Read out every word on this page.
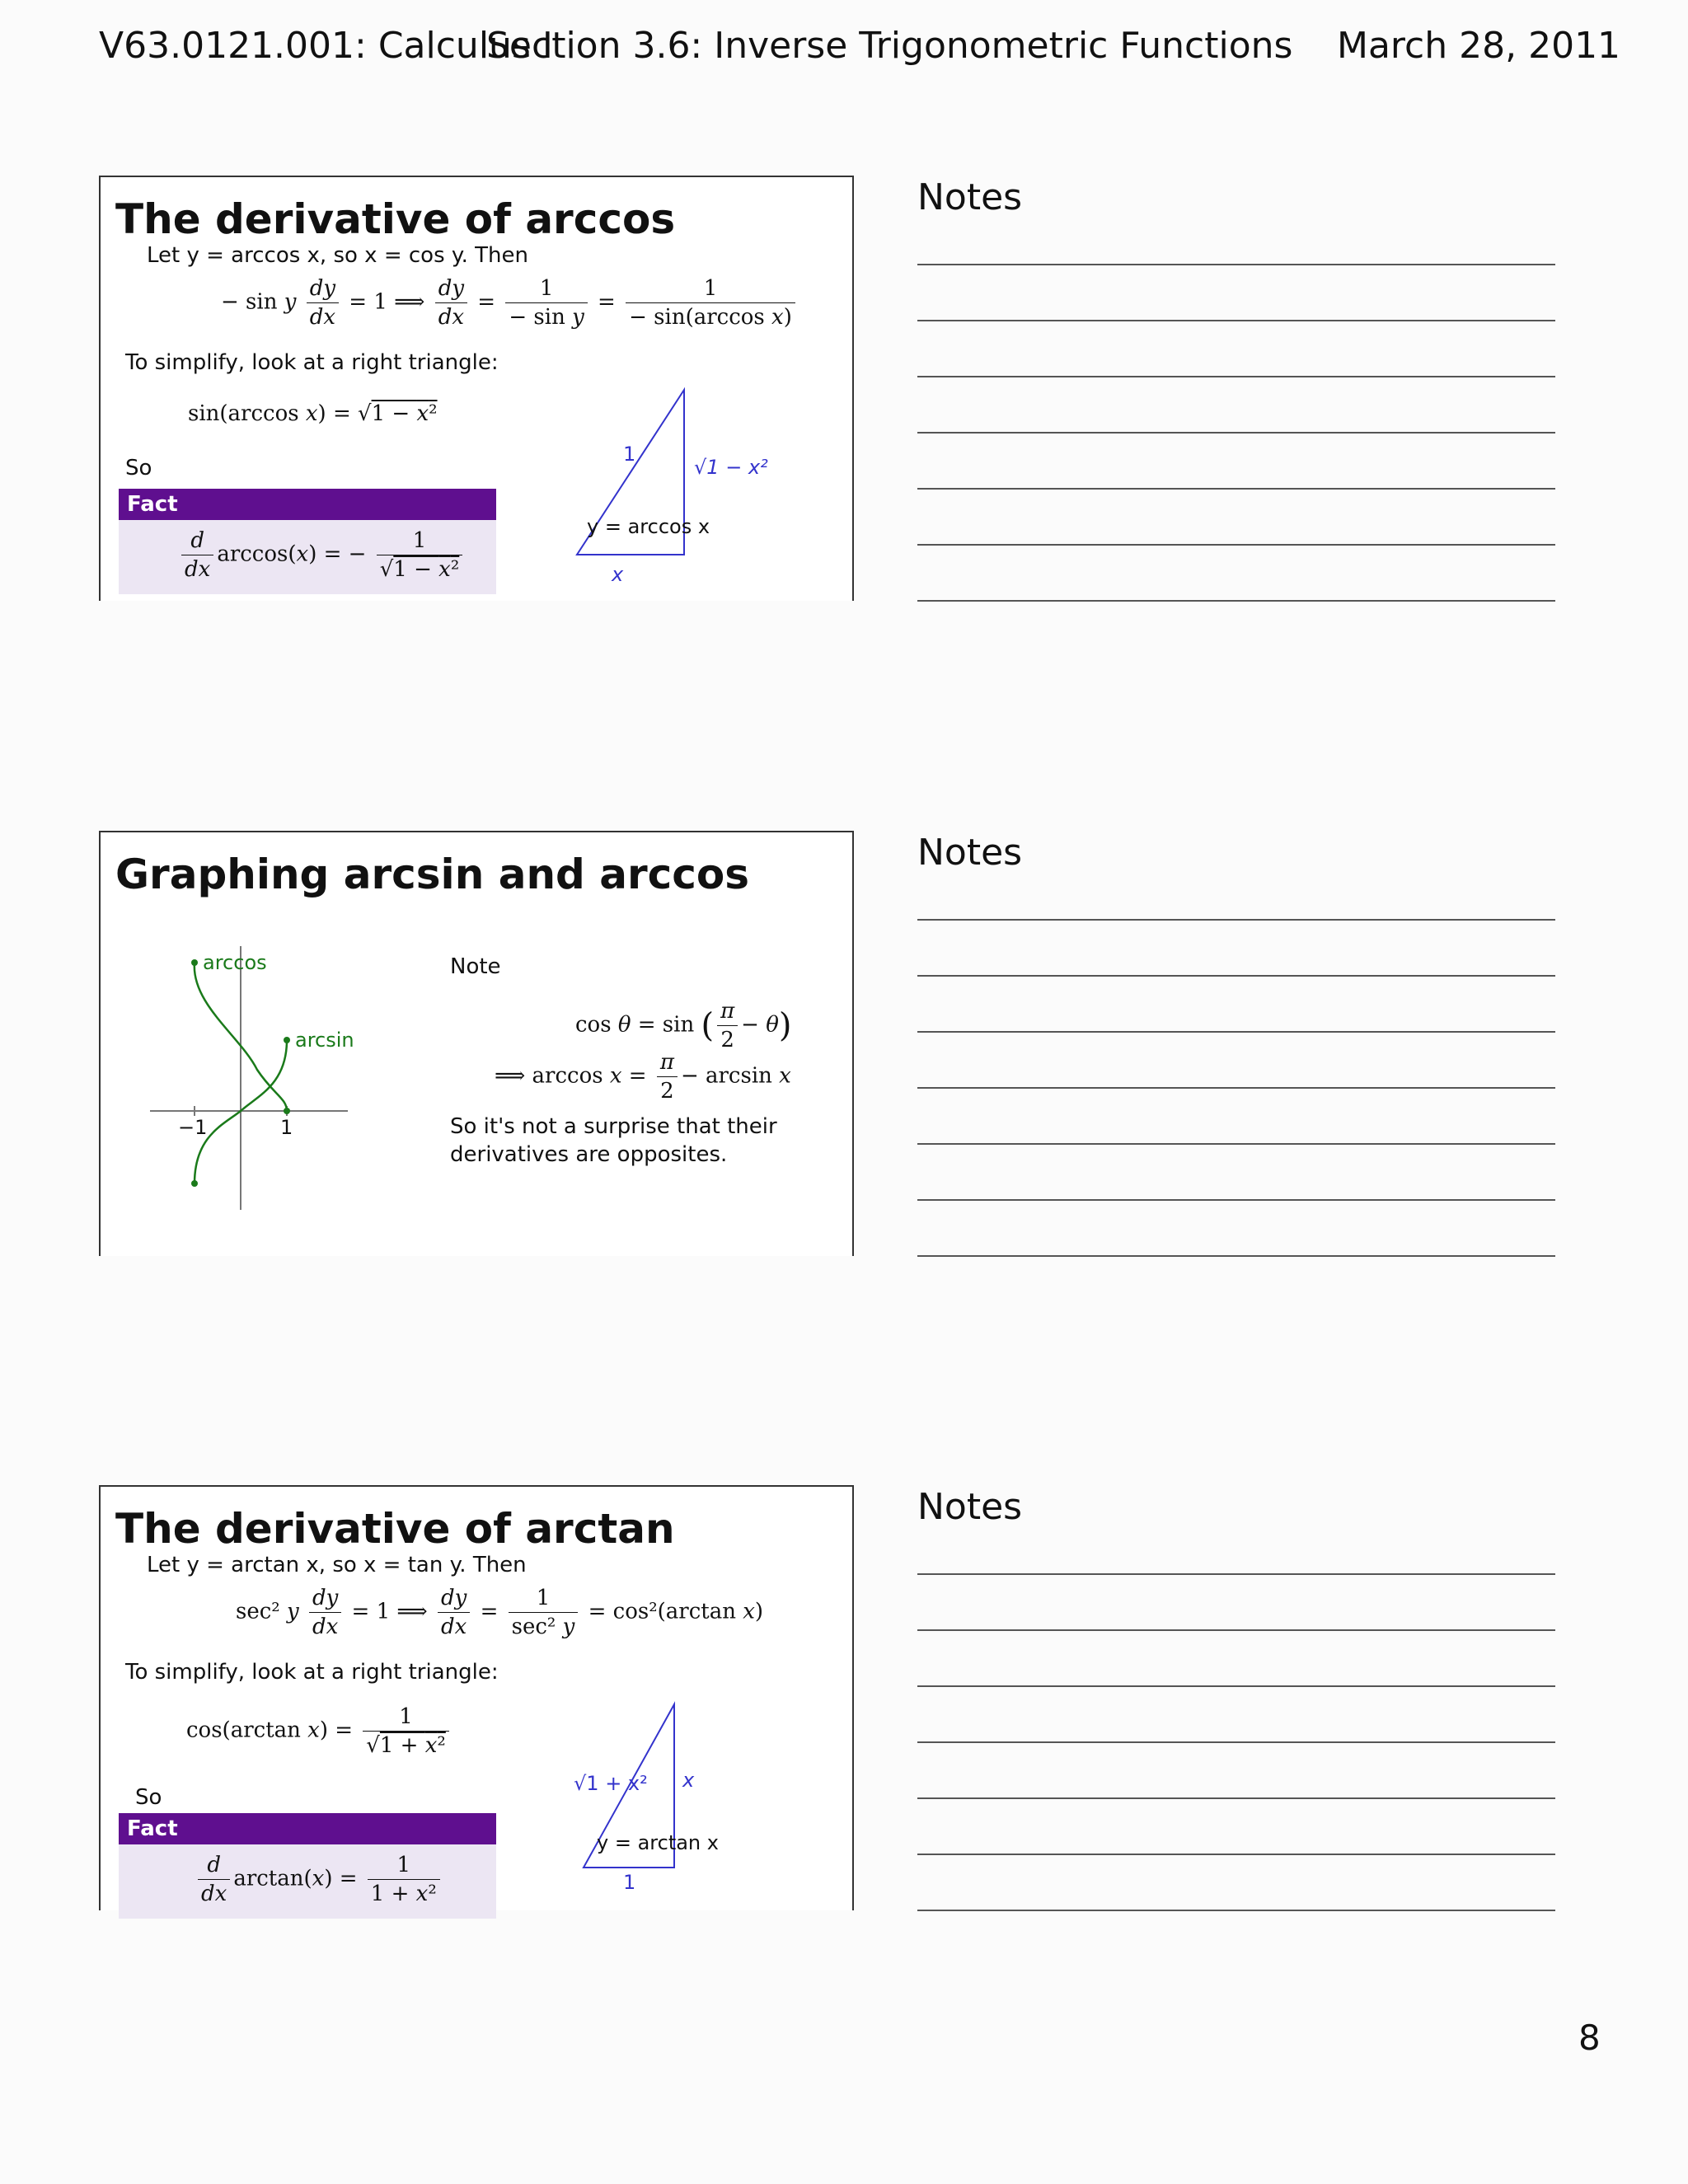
V63.0121.001: Calculus I
Section 3.6: Inverse Trigonometric Functions March 28, 2011
The derivative of arccos
Let y = arccos x, so x = cos y. Then
− sin y $\frac{dy}{dx} = 1$ ⟹ $\frac{dy}{dx} = \frac{1}{\text{− sin y}} = \frac{1}{\text{− sin(arccos x)}}$
To simplify, look at a right triangle:
sin(arccos x) = √1 − x²
So
Fact
$\frac{d}{dx} \arccos(x)$ = − $\frac{1}{\text{√1 − x²}}$
1
√1 − x²
y = arccos x
x
Notes
Graphing arcsin and arccos
arccos
arcsin
−1	1
Note
cos θ = sin ( $\frac{\pi}{2} - \theta$)
⟹ $\arccos x = \frac{\pi}{2} - \arcsin x$
So it's not a surprise that their
derivatives are opposites.
Notes
The derivative of arctan
Let y = arctan x, so x = tan y. Then
sec² y $\frac{dy}{dx} = 1$ ⟹ $\frac{dy}{dx} = \frac{1}{\text{sec² y}} = \cos^2(\arctan$ x)
To simplify, look at a right triangle:
cos(arctan $x) = \frac{1}{\text{√1 + x²}}$
So
Fact
$\frac{d}{dx} \arctan(x) = \frac{1}{\text{1 + x²}}$
√1 + x² x
y = arctan x
1
Notes
8
